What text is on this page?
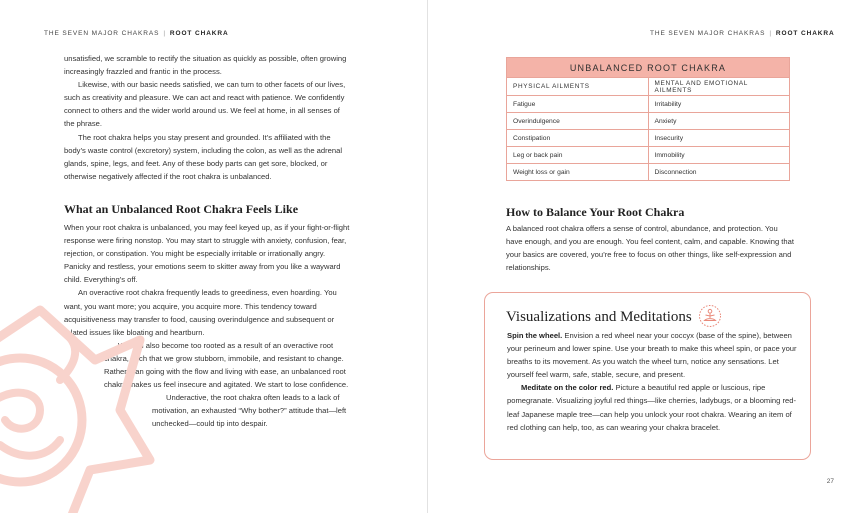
THE SEVEN MAJOR CHAKRAS | ROOT CHAKRA

unsatisfied, we scramble to rectify the situation as quickly as possible, often growing increasingly frazzled and frantic in the process.

Likewise, with our basic needs satisfied, we can turn to other facets of our lives, such as creativity and pleasure. We can act and react with patience. We confidently connect to others and the wider world around us. We feel at home, in all senses of the phrase.

The root chakra helps you stay present and grounded. It’s affiliated with the body’s waste control (excretory) system, including the colon, as well as the adrenal glands, spine, legs, and feet. Any of these body parts can get sore, blocked, or otherwise negatively affected if the root chakra is unbalanced.

What an Unbalanced Root Chakra Feels Like

When your root chakra is unbalanced, you may feel keyed up, as if your fight-or-flight response were firing nonstop. You may start to struggle with anxiety, confusion, fear, rejection, or constipation. You might be especially irritable or irrationally angry. Panicky and restless, your emotions seem to skitter away from you like a wayward child. Everything’s off.

An overactive root chakra frequently leads to greediness, even hoarding. You want, you want more; you acquire, you acquire more. This tendency toward acquisitiveness may transfer to food, causing overindulgence and subsequent or related issues like bloating and heartburn.

We can also become too rooted as a result of an overactive root chakra, such that we grow stubborn, immobile, and resistant to change. Rather than going with the flow and living with ease, an unbalanced root chakra makes us feel insecure and agitated. We start to lose confidence.

Underactive, the root chakra often leads to a lack of motivation, an exhausted “Why bother?” attitude that—left unchecked—could tip into despair.

THE SEVEN MAJOR CHAKRAS | ROOT CHAKRA
UNBALANCED ROOT CHAKRA	
PHYSICAL AILMENTS	MENTAL AND EMOTIONAL AILMENTS
Fatigue	Irritability
Overindulgence	Anxiety
Constipation	Insecurity
Leg or back pain	Immobility
Weight loss or gain	Disconnection
How to Balance Your Root Chakra

A balanced root chakra offers a sense of control, abundance, and protection. You have enough, and you are enough. You feel content, calm, and capable. Knowing that your basics are covered, you’re free to focus on other things, like self-expression and relationships.

Visualizations and Meditations

Spin the wheel. Envision a red wheel near your coccyx (base of the spine), between your perineum and lower spine. Use your breath to make this wheel spin, or pace your breaths to its movement. As you watch the wheel turn, notice any sensations. Let yourself feel warm, safe, stable, secure, and present.

Meditate on the color red. Picture a beautiful red apple or luscious, ripe pomegranate. Visualizing joyful red things—like cherries, ladybugs, or a blooming red-leaf Japanese maple tree—can help you unlock your root chakra. Wearing an item of red clothing can help, too, as can wearing your chakra bracelet.

27
